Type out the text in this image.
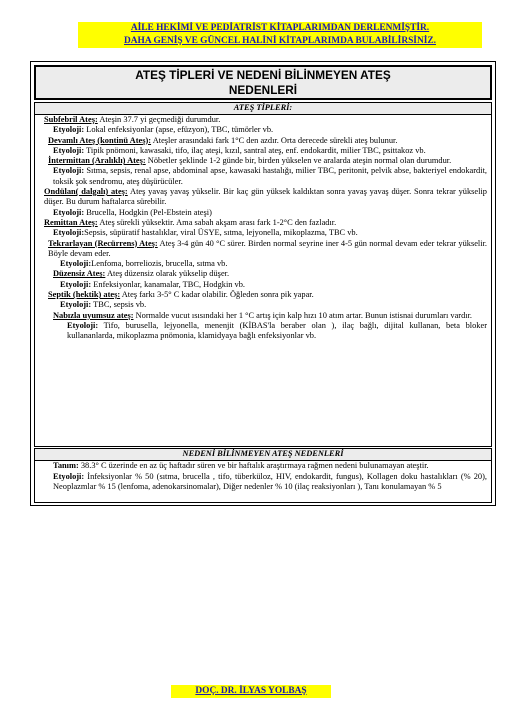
AİLE HEKİMİ VE PEDİATRİST KİTAPLARIMDAN DERLENMİŞTİR.
DAHA GENİŞ VE GÜNCEL HALİNİ KİTAPLARIMDA BULABİLİRSİNİZ.
ATEŞ TİPLERİ VE NEDENİ BİLİNMEYEN ATEŞ
NEDENLERİ
ATEŞ TİPLERİ:

Subfebril Ateş: Ateşin 37.7 yi geçmediği durumdur.

Etyoloji: Lokal enfeksiyonlar (apse, efüzyon), TBC, tümörler vb.

Devamlı Ateş (kontinü Ateş): Ateşler arasındaki fark 1°C den azdır. Orta derecede sürekli ateş bulunur.

Etyoloji: Tipik pnömoni, kawasaki, tifo, ilaç ateşi, kızıl, santral ateş, enf. endokardit, milier TBC, psittakoz vb.

İntermittan (Aralıklı) Ateş: Nöbetler şeklinde 1-2 günde bir, birden yükselen ve aralarda ateşin normal olan durumdur.

Etyoloji: Sıtma, sepsis, renal apse, abdominal apse, kawasaki hastalığı, milier TBC, peritonit, pelvik abse, bakteriyel endokardit, toksik şok sendromu, ateş düşürücüler.

Ondülan( dalgalı) ateş: Ateş yavaş yavaş yükselir. Bir kaç gün yüksek kaldıktan sonra yavaş yavaş düşer. Sonra tekrar yükselip düşer. Bu durum haftalarca sürebilir.

Etyoloji: Brucella, Hodgkin (Pel-Ebstein ateşi)

Remittan Ateş: Ateş sürekli yüksektir. Ama sabah akşam arası fark 1-2°C den fazladır.

Etyoloji:Sepsis, süpüratif hastalıklar, viral ÜSYE, sıtma, lejyonella, mikoplazma, TBC vb.

Tekrarlayan (Recürrens) Ateş: Ateş 3-4 gün 40 °C sürer. Birden normal seyrine iner 4-5 gün normal devam eder tekrar yükselir. Böyle devam eder.

Etyoloji:Lenfoma, borreliozis, brucella, sıtma vb.

Düzensiz Ateş: Ateş düzensiz olarak yükselip düşer.

Etyoloji: Enfeksiyonlar, kanamalar, TBC, Hodgkin vb.

Septik (hektik) ateş: Ateş farkı 3-5° C kadar olabilir. Öğleden sonra pik yapar.

Etyoloji: TBC, sepsis vb.

Nabızla uyumsuz ateş: Normalde vucut ısısındaki her 1 °C artış için kalp hızı 10 atım artar. Bunun istisnai durumları vardır.

Etyoloji: Tifo, burusella, lejyonella, menenjit (KİBAS'la beraber olan ), ilaç bağlı, dijital kullanan, beta bloker kullananlarda, mikoplazma pnömonia, klamidyaya bağlı enfeksiyonlar vb.

NEDENİ BİLİNMEYEN ATEŞ NEDENLERİ

Tanım: 38.3° C üzerinde en az üç haftadır süren ve bir haftalık araştırmaya rağmen nedeni bulunamayan ateştir.

Etyoloji: İnfeksiyonlar % 50 (sıtma, brucella , tifo, tüberküloz, HIV, endokardit, fungus), Kollagen doku hastalıkları (% 20), Neoplazmlar % 15 (lenfoma, adenokarsinomalar), Diğer nedenler % 10 (ilaç reaksiyonları ), Tanı konulamayan % 5

DOÇ. DR. İLYAS YOLBAŞ
